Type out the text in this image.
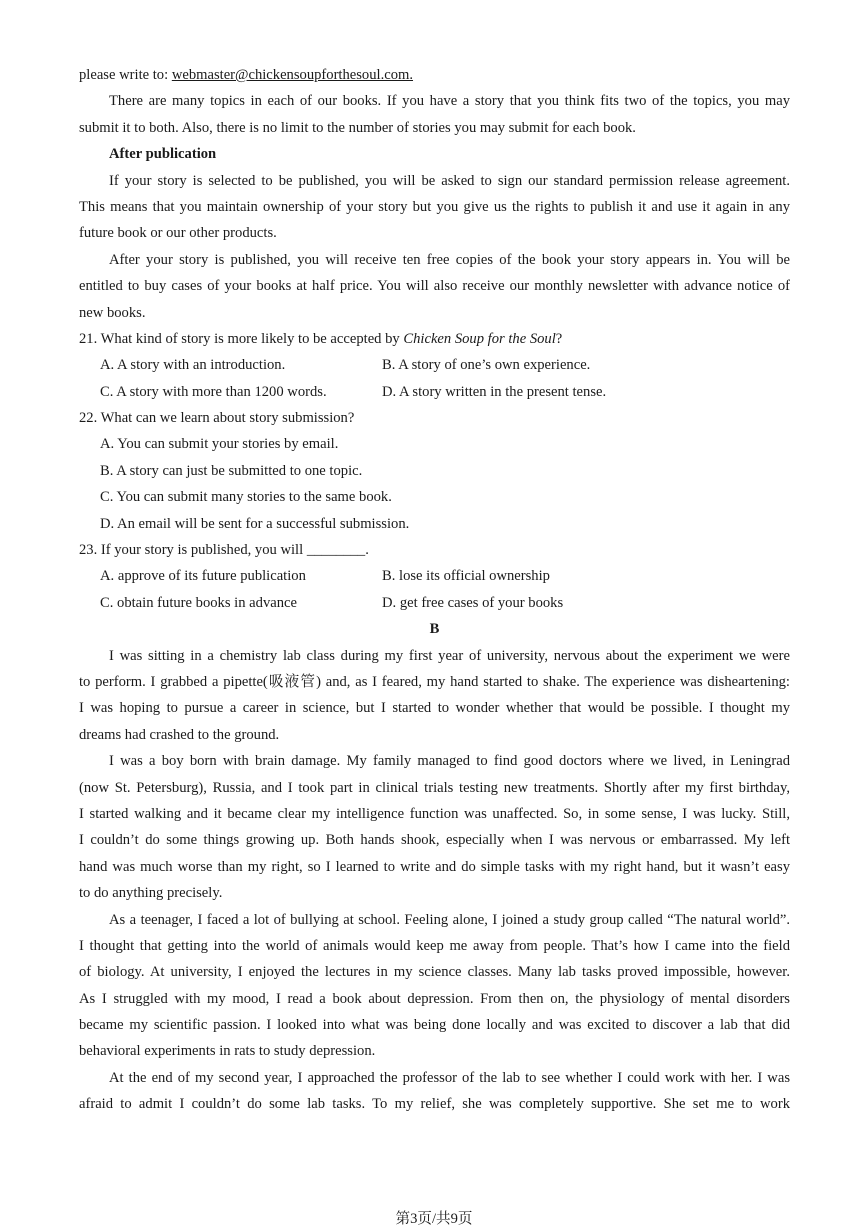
please write to: webmaster@chickensoupforthesoul.com.
There are many topics in each of our books. If you have a story that you think fits two of the topics, you may
submit it to both. Also, there is no limit to the number of stories you may submit for each book.
After publication
If your story is selected to be published, you will be asked to sign our standard permission release agreement.
This means that you maintain ownership of your story but you give us the rights to publish it and use it again in any
future book or our other products.
After your story is published, you will receive ten free copies of the book your story appears in. You will be
entitled to buy cases of your books at half price. You will also receive our monthly newsletter with advance notice of
new books.
21. What kind of story is more likely to be accepted by Chicken Soup for the Soul?
A. A story with an introduction.	B. A story of one’s own experience.
C. A story with more than 1200 words.	D. A story written in the present tense.
22. What can we learn about story submission?
A. You can submit your stories by email.
B. A story can just be submitted to one topic.
C. You can submit many stories to the same book.
D. An email will be sent for a successful submission.
23. If your story is published, you will ________.
A. approve of its future publication	B. lose its official ownership
C. obtain future books in advance	D. get free cases of your books
B
I was sitting in a chemistry lab class during my first year of university, nervous about the experiment we were
to perform. I grabbed a pipette(吸液管) and, as I feared, my hand started to shake. The experience was disheartening:
I was hoping to pursue a career in science, but I started to wonder whether that would be possible. I thought my
dreams had crashed to the ground.
I was a boy born with brain damage. My family managed to find good doctors where we lived, in Leningrad
(now St. Petersburg), Russia, and I took part in clinical trials testing new treatments. Shortly after my first birthday,
I started walking and it became clear my intelligence function was unaffected. So, in some sense, I was lucky. Still,
I couldn’t do some things growing up. Both hands shook, especially when I was nervous or embarrassed. My left
hand was much worse than my right, so I learned to write and do simple tasks with my right hand, but it wasn’t easy
to do anything precisely.
As a teenager, I faced a lot of bullying at school. Feeling alone, I joined a study group called “The natural world”.
I thought that getting into the world of animals would keep me away from people. That’s how I came into the field
of biology. At university, I enjoyed the lectures in my science classes. Many lab tasks proved impossible, however.
As I struggled with my mood, I read a book about depression. From then on, the physiology of mental disorders
became my scientific passion. I looked into what was being done locally and was excited to discover a lab that did
behavioral experiments in rats to study depression.
At the end of my second year, I approached the professor of the lab to see whether I could work with her. I was
afraid to admit I couldn’t do some lab tasks. To my relief, she was completely supportive. She set me to work
第3页/共9页
